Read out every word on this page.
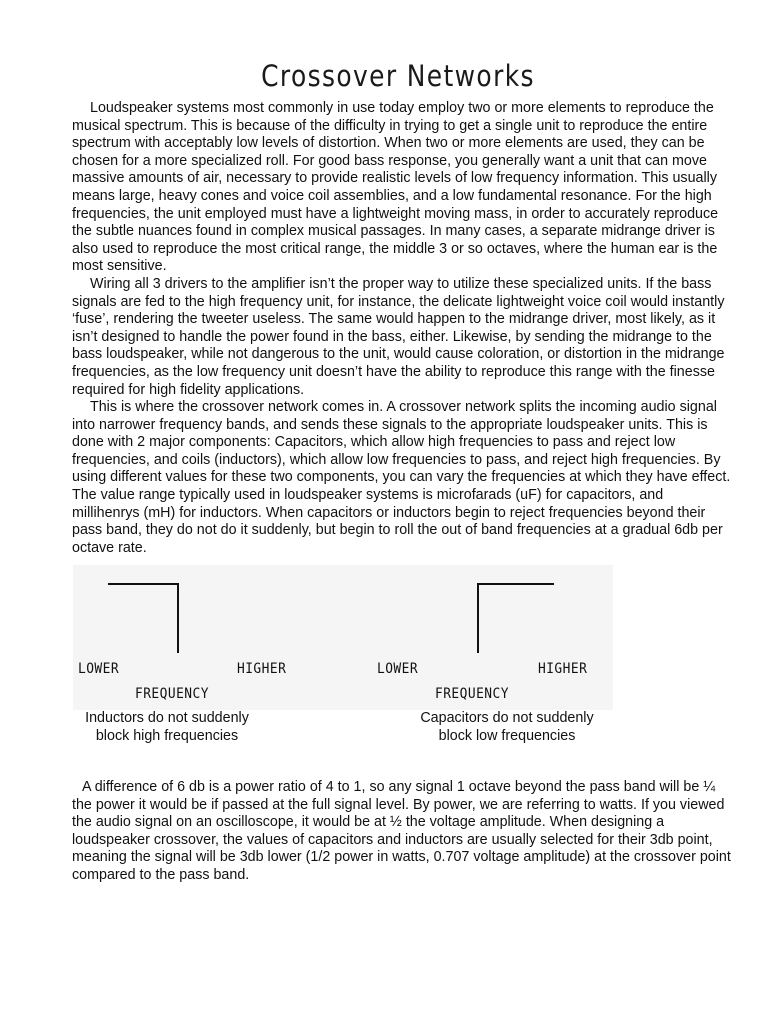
Crossover Networks

Loudspeaker systems most commonly in use today employ two or more elements to reproduce the musical spectrum. This is because of the difficulty in trying to get a single unit to reproduce the entire spectrum with acceptably low levels of distortion. When two or more elements are used, they can be chosen for a more specialized roll. For good bass response, you generally want a unit that can move massive amounts of air, necessary to provide realistic levels of low frequency information. This usually means large, heavy cones and voice coil assemblies, and a low fundamental resonance. For the high frequencies, the unit employed must have a lightweight moving mass, in order to accurately reproduce the subtle nuances found in complex musical passages. In many cases, a separate midrange driver is also used to reproduce the most critical range, the middle 3 or so octaves, where the human ear is the most sensitive.

Wiring all 3 drivers to the amplifier isn’t the proper way to utilize these specialized units. If the bass signals are fed to the high frequency unit, for instance, the delicate lightweight voice coil would instantly ‘fuse’, rendering the tweeter useless. The same would happen to the midrange driver, most likely, as it isn’t designed to handle the power found in the bass, either. Likewise, by sending the midrange to the bass loudspeaker, while not dangerous to the unit, would cause coloration, or distortion in the midrange frequencies, as the low frequency unit doesn’t have the ability to reproduce this range with the finesse required for high fidelity applications.

This is where the crossover network comes in. A crossover network splits the incoming audio signal into narrower frequency bands, and sends these signals to the appropriate loudspeaker units. This is done with 2 major components: Capacitors, which allow high frequencies to pass and reject low frequencies, and coils (inductors), which allow low frequencies to pass, and reject high frequencies. By using different values for these two components, you can vary the frequencies at which they have effect. The value range typically used in loudspeaker systems is microfarads (uF) for capacitors, and millihenrys (mH) for inductors. When capacitors or inductors begin to reject frequencies beyond their pass band, they do not do it suddenly, but begin to roll the out of band frequencies at a gradual 6db per octave rate.

LOWER	HIGHER
FREQUENCY
LOWER	HIGHER
FREQUENCY
Inductors do not suddenly
block high frequencies
Capacitors do not suddenly
block low frequencies

A difference of 6 db is a power ratio of 4 to 1, so any signal 1 octave beyond the pass band will be ¼ the power it would be if passed at the full signal level. By power, we are referring to watts. If you viewed the audio signal on an oscilloscope, it would be at ½ the voltage amplitude. When designing a loudspeaker crossover, the values of capacitors and inductors are usually selected for their 3db point, meaning the signal will be 3db lower (1/2 power in watts, 0.707 voltage amplitude) at the crossover point compared to the pass band.
